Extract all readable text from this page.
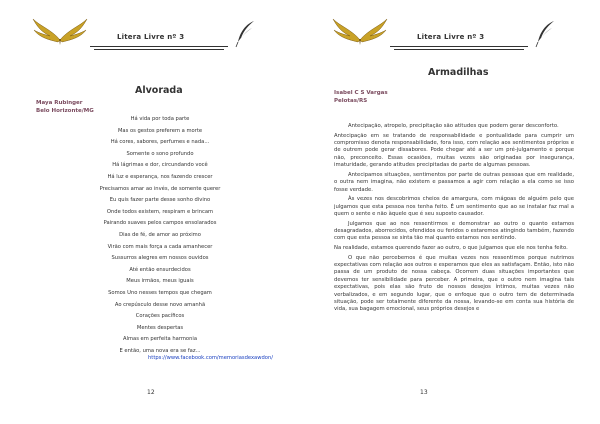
Litera Livre nº 3
Alvorada
Maya Rubinger
Belo Horizonte/MG
Há vida por toda parte
Mas os gestos preferem a morte
Há cores, sabores, perfumes e nada...
Somente o sono profundo
Há lágrimas e dor, circundando você
Há luz e esperança, nos fazendo crescer
Precisamos amar ao invés, de somente querer
Eu quis fazer parte desse sonho divino
Onde todos existem, respiram e brincam
Pairando suaves pelos campos ensolarados
Dias de fé, de amor ao próximo
Virão com mais força a cada amanhecer
Sussurros alegres em nossos ouvidos
Até então ensurdecidos
Meus irmãos, meus iguais
Somos Uno nesses tempos que chegam
Ao crepúsculo desse novo amanhã
Corações pacíficos
Mentes despertas
Almas em perfeita harmonia
E então, uma nova era se faz...
https://www.facebook.com/memoriasdexawdon/
12
Litera Livre nº 3
Armadilhas
Isabel C S Vargas
Pelotas/RS

Antecipação, atropelo, precipitação são atitudes que podem gerar desconforto.

Antecipação em se tratando de responsabilidade e pontualidade para cumprir um compromisso denota responsabilidade, fora isso, com relação aos sentimentos próprios e de outrem pode gerar dissabores. Pode chegar até a ser um pré-julgamento e porque não, preconceito. Essas ocasiões, muitas vezes são originadas por insegurança, imaturidade, gerando atitudes precipitadas de parte de algumas pessoas.

Antecipamos situações, sentimentos por parte de outras pessoas que em realidade, o outra nem imagina, não existem e passamos a agir com relação a ela como se isso fosse verdade.

Às vezes nos descobrimos cheios de amargura, com mágoas de alguém pelo que julgamos que esta pessoa nos tenha feito. É um sentimento que ao se instalar faz mal a quem o sente e não àquele que é seu suposto causador.

Julgamos que ao nos ressentirmos e demonstrar ao outro o quanto estamos desagradados, aborrecidos, ofendidos ou feridos o estaremos atingindo também, fazendo com que esta pessoa se sinta tão mal quanto estamos nos sentindo.

Na realidade, estamos querendo fazer ao outro, o que julgamos que ele nos tenha feito.

O que não percebemos é que muitas vezes nos ressentimos porque nutrimos expectativas com relação aos outros e esperamos que eles as satisfaçam. Então, isto não passa de um produto de nossa cabeça. Ocorrem duas situações importantes que devemos ter sensibilidade para perceber. A primeira, que o outro nem imagina tais expectativas, pois elas são fruto de nossos desejos íntimos, muitas vezes não verbalizados, e em segundo lugar, que o enfoque que o outro tem de determinada situação, pode ser totalmente diferente da nossa, levando-se em conta sua história de vida, sua bagagem emocional, seus próprios desejos e

13
